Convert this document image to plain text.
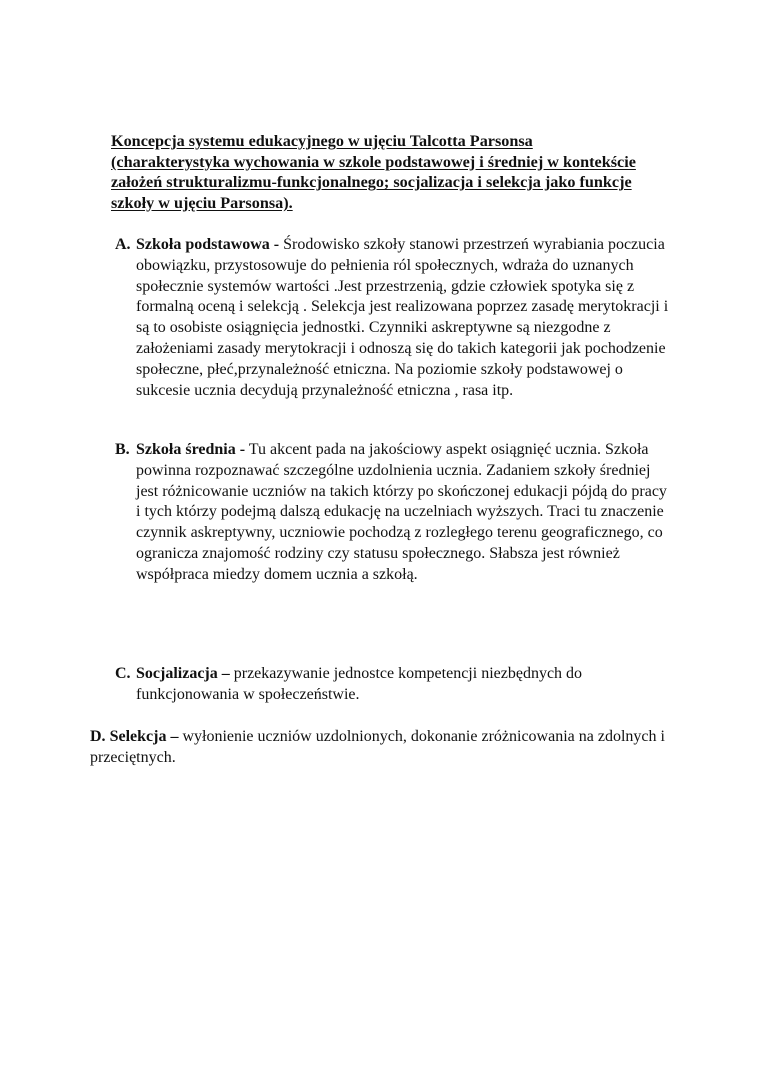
Koncepcja systemu edukacyjnego w ujęciu Talcotta Parsonsa (charakterystyka wychowania w szkole podstawowej i średniej w kontekście założeń strukturalizmu-funkcjonalnego; socjalizacja i selekcja jako funkcje szkoły w ujęciu Parsonsa).
A. Szkoła podstawowa - Środowisko szkoły stanowi przestrzeń wyrabiania poczucia obowiązku, przystosowuje do pełnienia ról społecznych, wdraża do uznanych społecznie systemów wartości .Jest przestrzenią, gdzie człowiek spotyka się z formalną oceną i selekcją . Selekcja jest realizowana poprzez zasadę merytokracji i są to osobiste osiągnięcia jednostki. Czynniki askreptywne są niezgodne z założeniami zasady merytokracji i odnoszą się do takich kategorii jak pochodzenie społeczne, płeć,przynależność etniczna. Na poziomie szkoły podstawowej o sukcesie ucznia decydują przynależność etniczna , rasa itp.
B. Szkoła średnia - Tu akcent pada na jakościowy aspekt osiągnięć ucznia. Szkoła powinna rozpoznawać szczególne uzdolnienia ucznia. Zadaniem szkoły średniej jest różnicowanie uczniów na takich którzy po skończonej edukacji pójdą do pracy i tych którzy podejmą dalszą edukację na uczelniach wyższych. Traci tu znaczenie czynnik askreptywny, uczniowie pochodzą z rozległego terenu geograficznego, co ogranicza znajomość rodziny czy statusu społecznego. Słabsza jest również współpraca miedzy domem ucznia a szkołą.
C. Socjalizacja – przekazywanie jednostce kompetencji niezbędnych do funkcjonowania w społeczeństwie.
D. Selekcja – wyłonienie uczniów uzdolnionych, dokonanie zróżnicowania na zdolnych i przeciętnych.
